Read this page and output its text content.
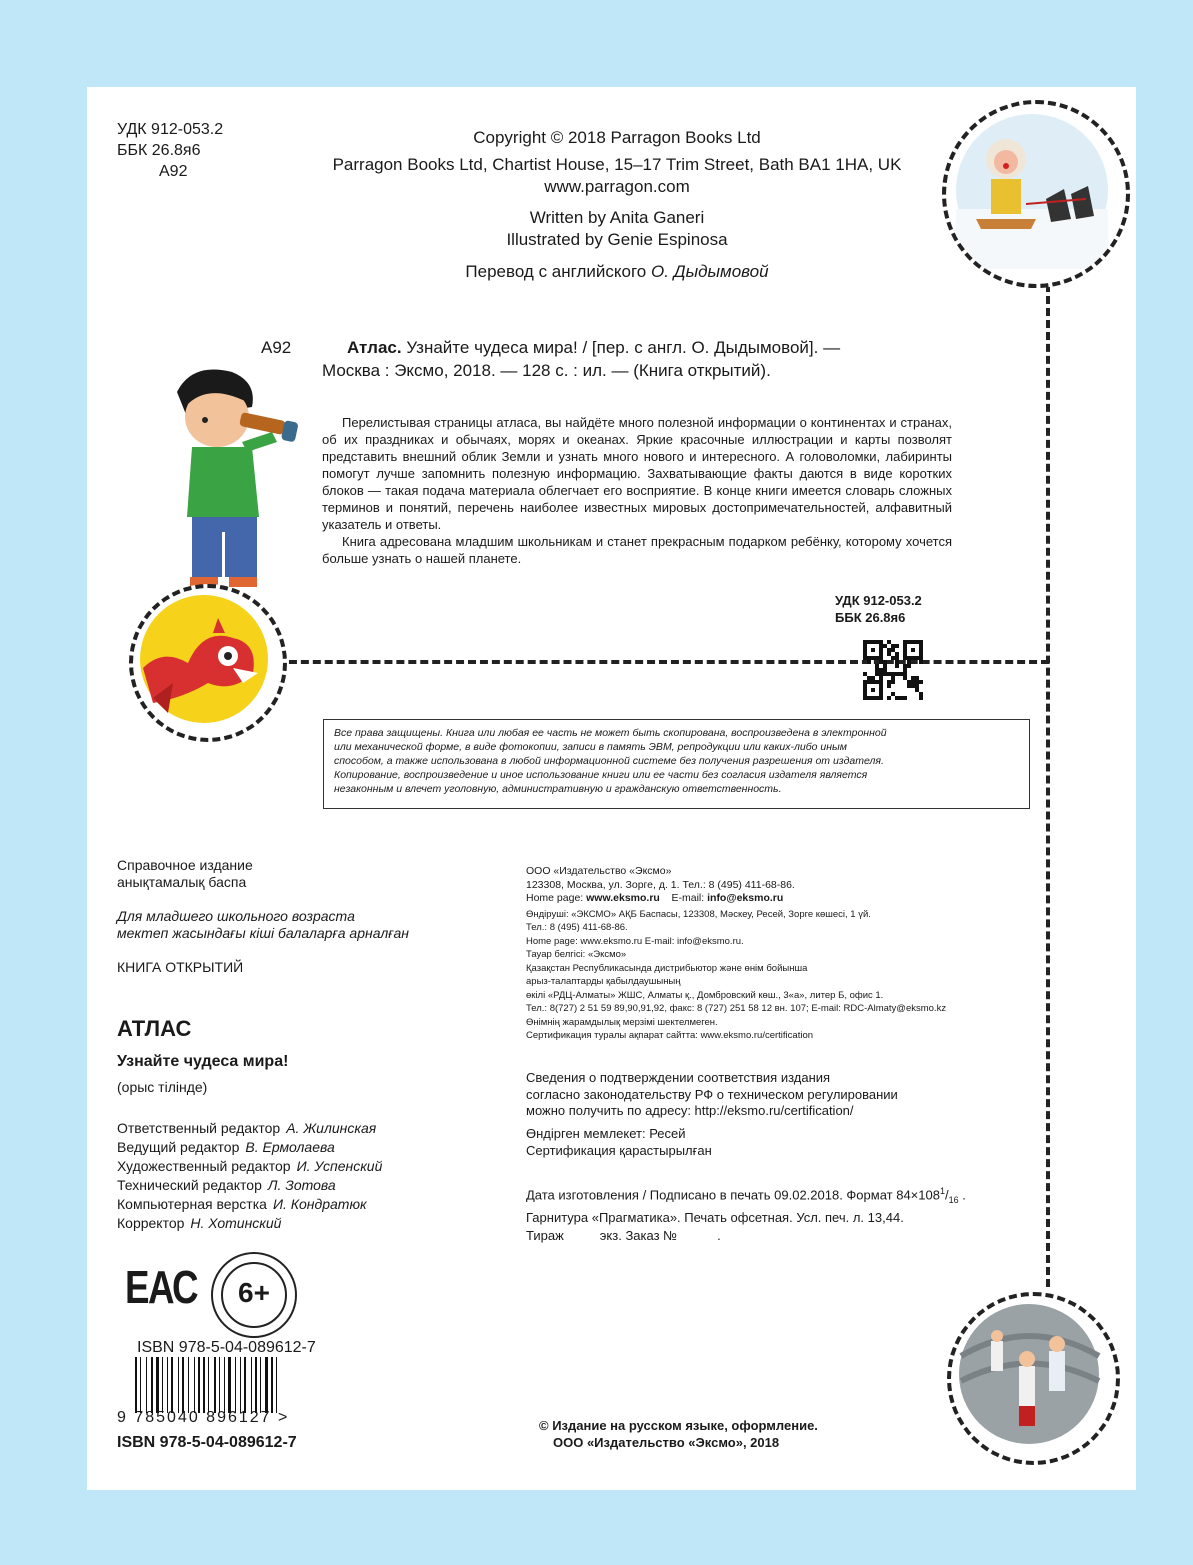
УДК 912-053.2
ББК 26.8я6
А92
Copyright © 2018 Parragon Books Ltd
Parragon Books Ltd, Chartist House, 15–17 Trim Street, Bath BA1 1HA, UK
www.parragon.com
Written by Anita Ganeri
Illustrated by Genie Espinosa
Перевод с английского О. Дыдымовой
А92	Атлас. Узнайте чудеса мира! / [пер. с англ. О. Дыдымовой]. —
Москва : Эксмо, 2018. — 128 с. : ил. — (Книга открытий).

Перелистывая страницы атласа, вы найдёте много полезной информации о континентах и странах, об их праздниках и обычаях, морях и океанах. Яркие красочные иллюстрации и карты позволят представить внешний облик Земли и узнать много нового и интересного. А головоломки, лабиринты помогут лучше запомнить полезную информацию. Захватывающие факты даются в виде коротких блоков — такая подача материала облегчает его восприятие. В конце книги имеется словарь сложных терминов и понятий, перечень наиболее известных мировых достопримечательностей, алфавитный указатель и ответы.

Книга адресована младшим школьникам и станет прекрасным подарком ребёнку, которому хочется больше узнать о нашей планете.

УДК 912-053.2
ББК 26.8я6

Все права защищены. Книга или любая ее часть не может быть скопирована, воспроизведена в электронной

или механической форме, в виде фотокопии, записи в память ЭВМ, репродукции или каких-либо иным

способом, а также использована в любой информационной системе без получения разрешения от издателя.

Копирование, воспроизведение и иное использование книги или ее части без согласия издателя является

незаконным и влечет уголовную, административную и гражданскую ответственность.

Справочное издание
анықтамалық баспа
Для младшего школьного возраста
мектеп жасындағы кіші балаларға арналған
КНИГА ОТКРЫТИЙ
АТЛАС
Узнайте чудеса мира!
(орыс тілінде)
Ответственный редактор А. Жилинская
Ведущий редактор В. Ермолаева
Художественный редактор И. Успенский
Технический редактор Л. Зотова
Компьютерная верстка И. Кондратюк
Корректор Н. Хотинский
ЕАС	6+
ISBN 978-5-04-089612-7
9 785040 896127 >
ISBN 978-5-04-089612-7
ООО «Издательство «Эксмо»
123308, Москва, ул. Зорге, д. 1. Тел.: 8 (495) 411-68-86.
Home page: www.eksmo.ru E-mail: info@eksmo.ru
Өндіруші: «ЭКСМО» АҚБ Баспасы, 123308, Мәскеу, Ресей, Зорге көшесі, 1 үй.
Тел.: 8 (495) 411-68-86.
Home page: www.eksmo.ru E-mail: info@eksmo.ru.
Тауар белгісі: «Эксмо»
Қазақстан Республикасында дистрибьютор және өнім бойынша
арыз-талаптарды қабылдаушының
өкілі «РДЦ-Алматы» ЖШС, Алматы қ., Домбровский көш., 3«а», литер Б, офис 1.
Тел.: 8(727) 2 51 59 89,90,91,92, факс: 8 (727) 251 58 12 вн. 107; E-mail: RDC-Almaty@eksmo.kz
Өнімнің жарамдылық мерзімі шектелмеген.
Сертификация туралы ақпарат сайтта: www.eksmo.ru/certification
Сведения о подтверждении соответствия издания
согласно законодательству РФ о техническом регулировании
можно получить по адресу: http://eksmo.ru/certification/
Өндірген мемлекет: Ресей
Сертификация қарастырылған
Дата изготовления / Подписано в печать 09.02.2018. Формат $84\times 108^1/_{16}$ .
Гарнитура «Прагматика». Печать офсетная. Усл. печ. л. 13,44.
Тираж	экз. Заказ №	.
© Издание на русском языке, оформление.
ООО «Издательство «Эксмо», 2018
